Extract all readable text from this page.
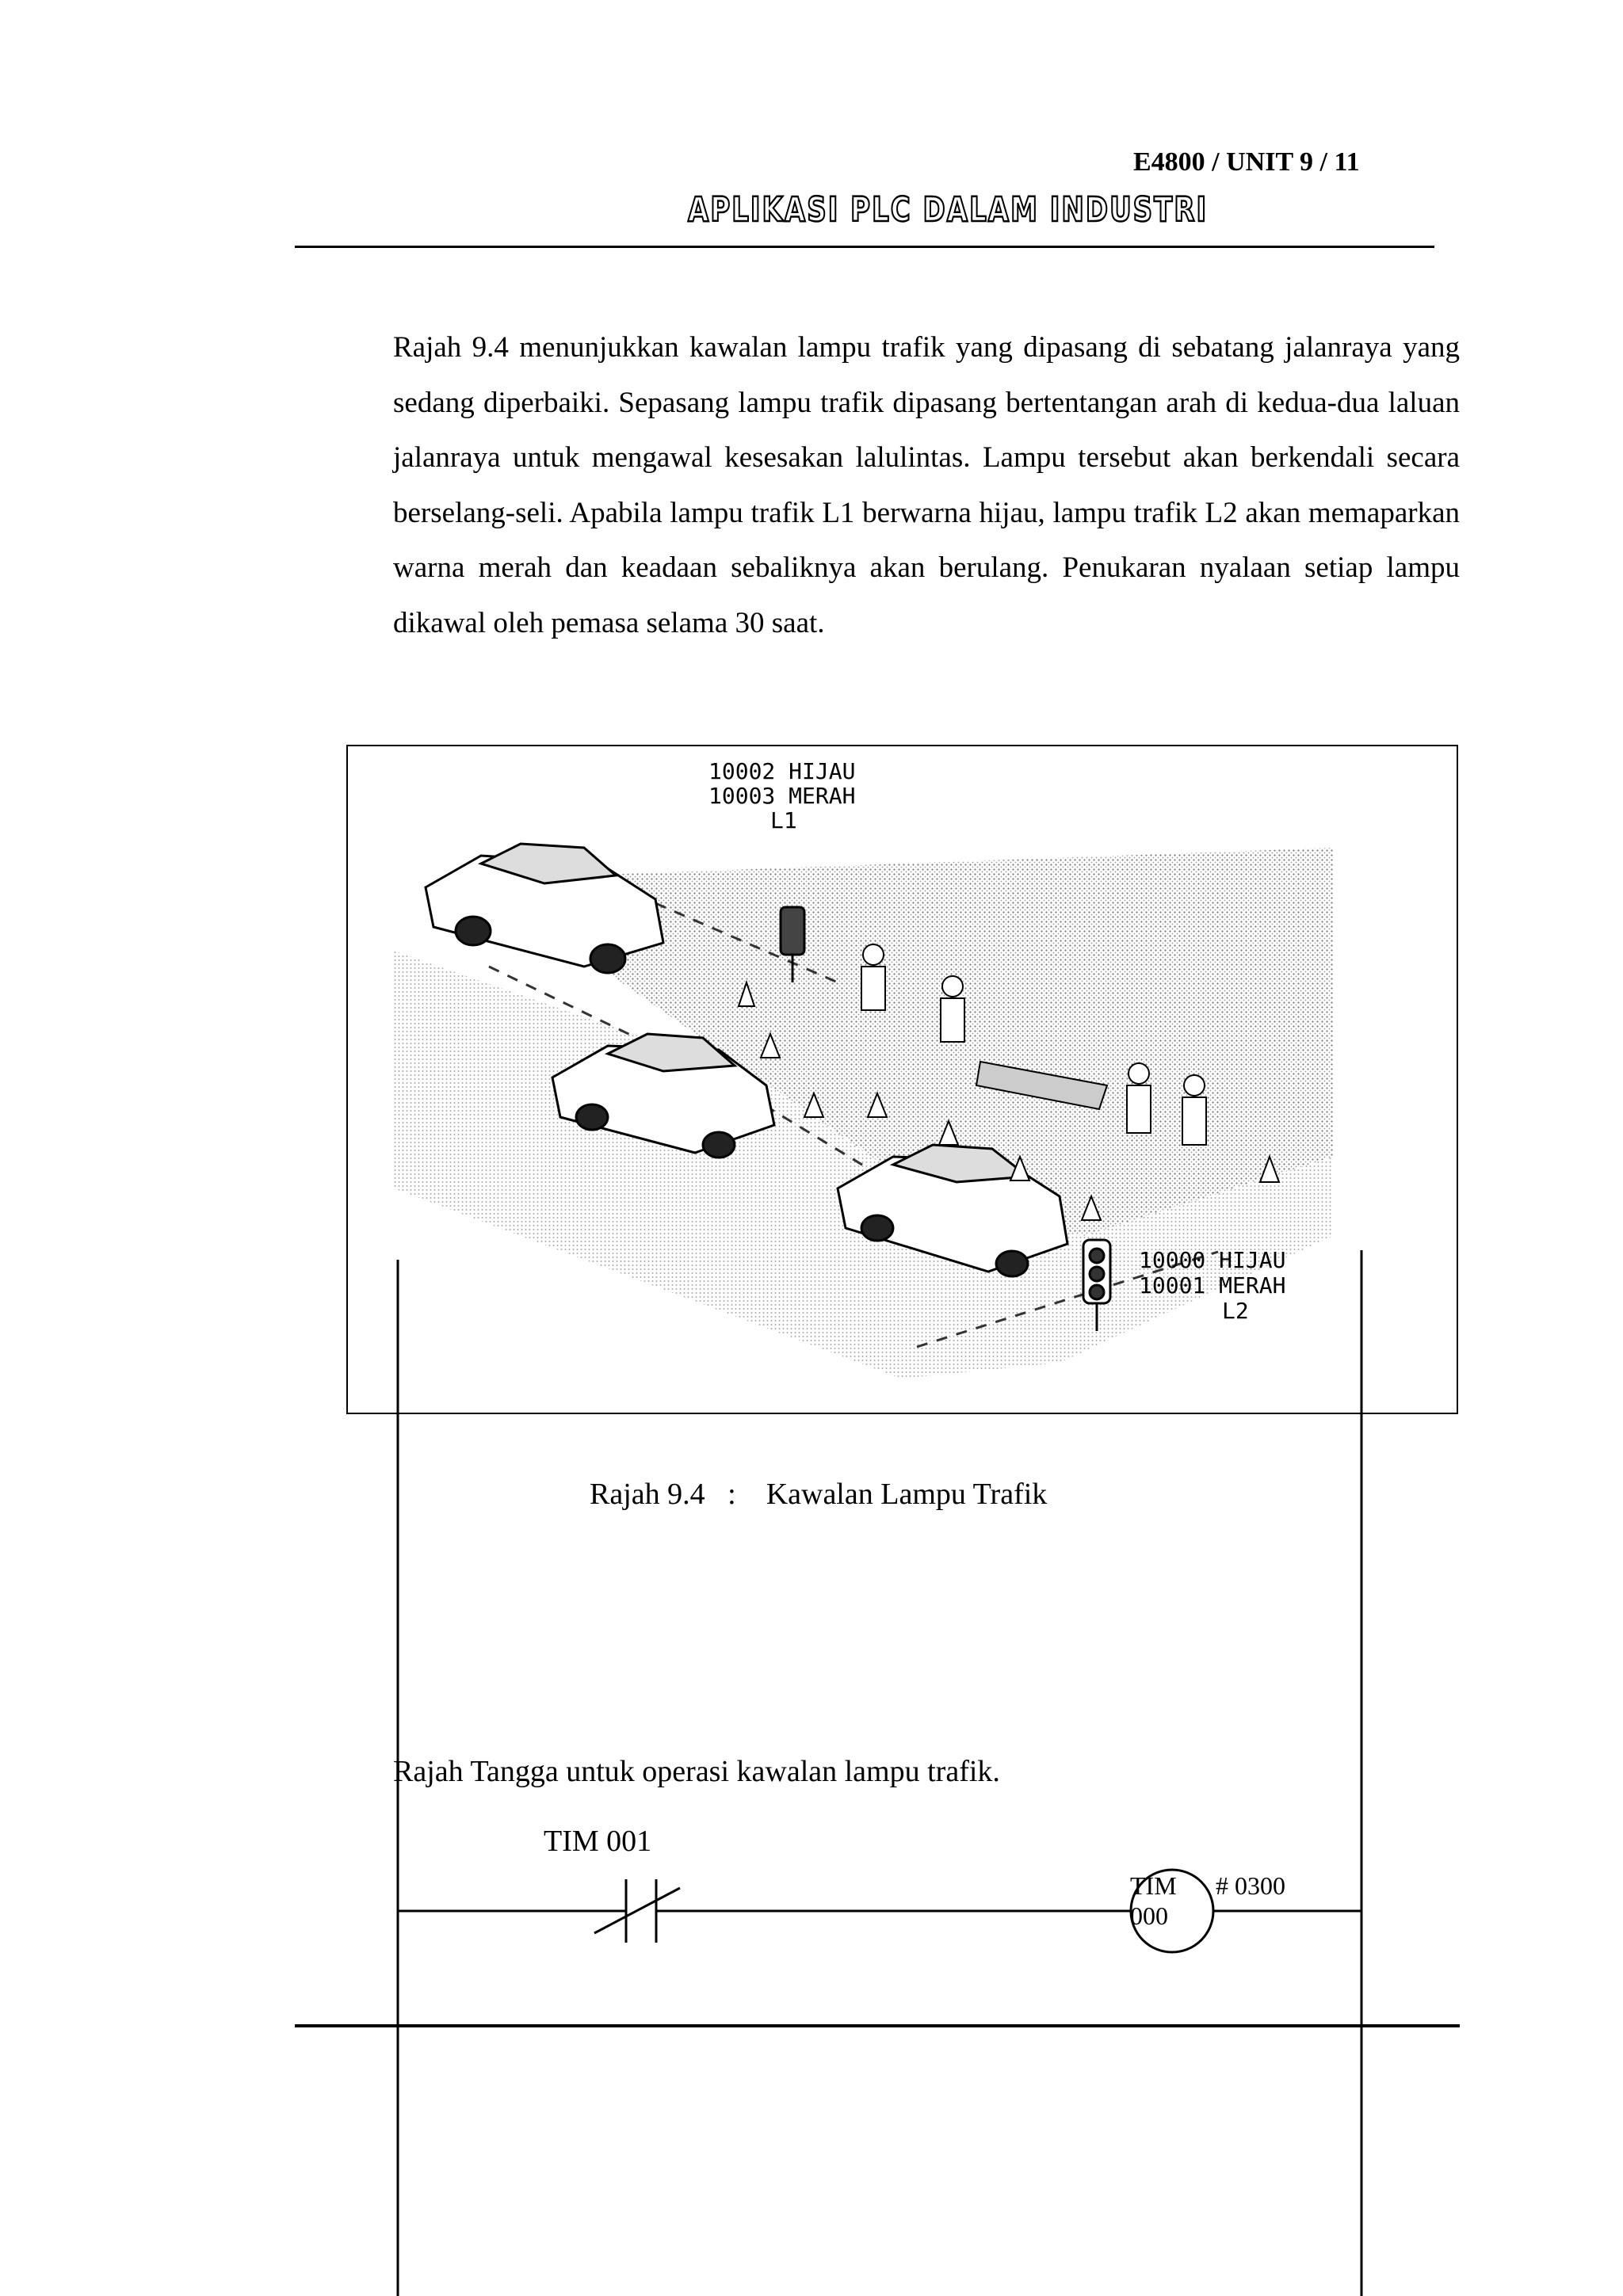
E4800 / UNIT 9 / 11
APLIKASI PLC DALAM INDUSTRI
Rajah 9.4 menunjukkan kawalan lampu trafik yang dipasang di sebatang jalanraya yang sedang diperbaiki. Sepasang lampu trafik dipasang bertentangan arah di kedua-dua laluan jalanraya untuk mengawal kesesakan lalulintas. Lampu tersebut akan berkendali secara berselang-seli. Apabila lampu trafik L1 berwarna hijau, lampu trafik L2 akan memaparkan warna merah dan keadaan sebaliknya akan berulang. Penukaran nyalaan setiap lampu dikawal oleh pemasa selama 30 saat.
10002 HIJAU
10003 MERAH
L1
10000 HIJAU
10001 MERAH
L2
Rajah 9.4   :    Kawalan Lampu Trafik
Rajah Tangga untuk operasi kawalan lampu trafik.
TIM 001
TIM
000
# 0300
